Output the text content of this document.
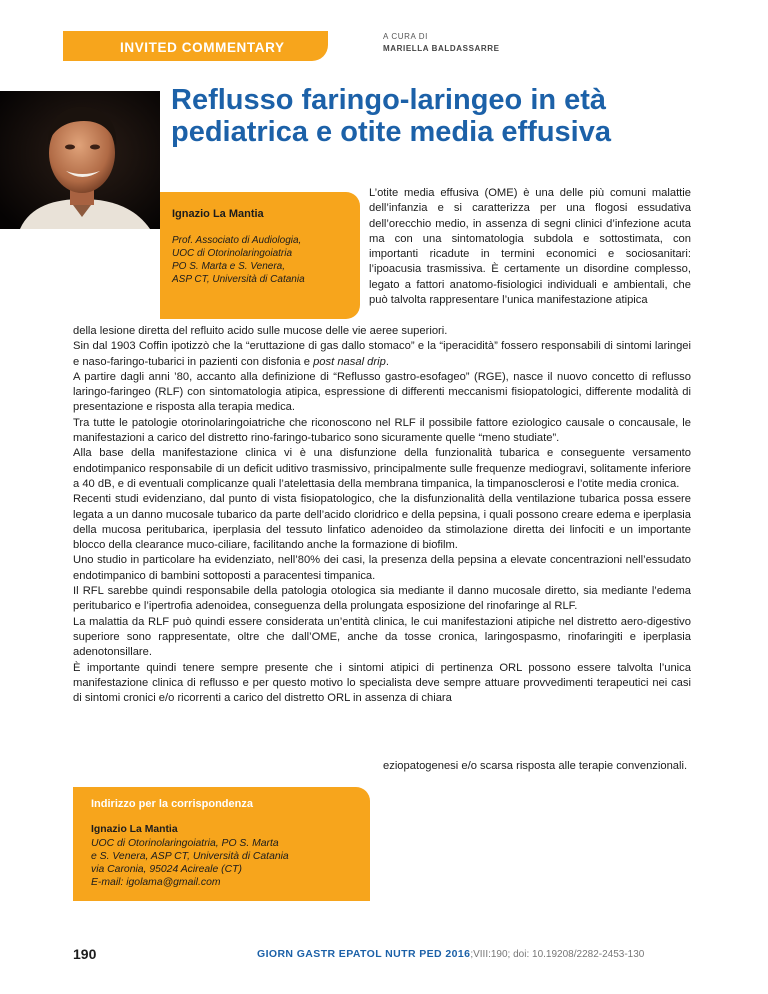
INVITED COMMENTARY
A CURA DI
MARIELLA BALDASSARRE
Reflusso faringo-laringeo in età
pediatrica e otite media effusiva
Ignazio La Mantia
Prof. Associato di Audiologia,
UOC di Otorinolaringoiatria
PO S. Marta e S. Venera,
ASP CT, Università di Catania
L’otite media effusiva (OME) è una delle più comuni malattie dell’infanzia e si caratterizza per una flogosi essudativa dell’orecchio medio, in assenza di segni clinici d’infezione acuta ma con una sintomatologia subdola e sottostimata, con importanti ricadute in termini economici e sociosanitari: l’ipoacusia trasmissiva. È certamente un disordine complesso, legato a fattori anatomo-fisiologici individuali e ambientali, che può talvolta rappresentare l’unica manifestazione atipica

della lesione diretta del refluito acido sulle mucose delle vie aeree superiori.

Sin dal 1903 Coffin ipotizzò che la “eruttazione di gas dallo stomaco” e la “iperacidità” fossero responsabili di sintomi laringei e naso-faringo-tubarici in pazienti con disfonia e post nasal drip.

A partire dagli anni ’80, accanto alla definizione di “Reflusso gastro-esofageo” (RGE), nasce il nuovo concetto di reflusso laringo-faringeo (RLF) con sintomatologia atipica, espressione di differenti meccanismi fisiopatologici, differente modalità di presentazione e risposta alla terapia medica.

Tra tutte le patologie otorinolaringoiatriche che riconoscono nel RLF il possibile fattore eziologico causale o concausale, le manifestazioni a carico del distretto rino-faringo-tubarico sono sicuramente quelle “meno studiate”.

Alla base della manifestazione clinica vi è una disfunzione della funzionalità tubarica e conseguente versamento endotimpanico responsabile di un deficit uditivo trasmissivo, principalmente sulle frequenze mediogravi, solitamente inferiore a 40 dB, e di eventuali complicanze quali l’atelettasia della membrana timpanica, la timpanosclerosi e l’otite media cronica.

Recenti studi evidenziano, dal punto di vista fisiopatologico, che la disfunzionalità della ventilazione tubarica possa essere legata a un danno mucosale tubarico da parte dell’acido cloridrico e della pepsina, i quali possono creare edema e iperplasia della mucosa peritubarica, iperplasia del tessuto linfatico adenoideo da stimolazione diretta dei linfociti e un importante blocco della clearance muco-ciliare, facilitando anche la formazione di biofilm.

Uno studio in particolare ha evidenziato, nell’80% dei casi, la presenza della pepsina a elevate concentrazioni nell’essudato endotimpanico di bambini sottoposti a paracentesi timpanica.

Il RFL sarebbe quindi responsabile della patologia otologica sia mediante il danno mucosale diretto, sia mediante l’edema peritubarico e l’ipertrofia adenoidea, conseguenza della prolungata esposizione del rinofaringe al RLF.

La malattia da RLF può quindi essere considerata un’entità clinica, le cui manifestazioni atipiche nel distretto aero-digestivo superiore sono rappresentate, oltre che dall’OME, anche da tosse cronica, laringospasmo, rinofaringiti e iperplasia adenotonsillare.

È importante quindi tenere sempre presente che i sintomi atipici di pertinenza ORL possono essere talvolta l’unica manifestazione clinica di reflusso e per questo motivo lo specialista deve sempre attuare provvedimenti terapeutici nei casi di sintomi cronici e/o ricorrenti a carico del distretto ORL in assenza di chiara

eziopatogenesi e/o scarsa risposta alle terapie convenzionali.
Indirizzo per la corrispondenza
Ignazio La Mantia
UOC di Otorinolaringoiatria, PO S. Marta
e S. Venera, ASP CT, Università di Catania
via Caronia, 95024 Acireale (CT)
E-mail: igolama@gmail.com
190	GIORN GASTR EPATOL NUTR PED 2016;VIII:190; doi: 10.19208/2282-2453-130
